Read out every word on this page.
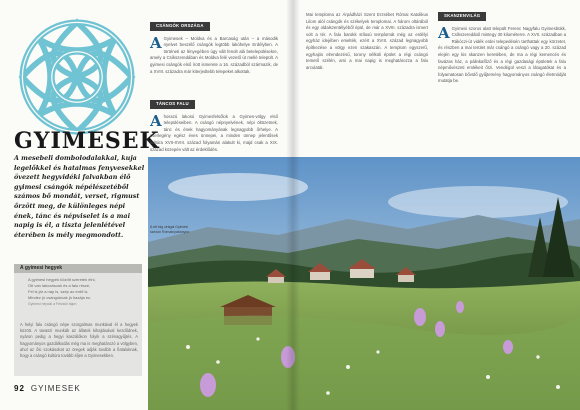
GYIMESEK
A mesebeli dombolodalakkal, kuja legelőkkel és hatalmas fenyvesekkel övezett hegyvidéki falvakban élő gyimesi csángók népélészetéből számos bő mondát, verset, rigmust őrzött meg, de különleges népi ének, tánc és népviselet is a mai napig is él, a tiszta jelenlétével éterében is mély megmondott.
CSÁNGÓK ORSZÁGA

A Gyimesek – Moldva és a Barcaság után – a második nyelvet beszélő csángók legtöbb lakóhelye Erdélyben. A történeti az lényegében úgy vált fenolt alá betelepülésekre, amely a Csíkszeredában és Moldva felé vezető út mellé települt. A gyimesi csángók első írott ismerete a 16. századból származik, de a XVIII. századra már kiterjedtebb telepeket alkottak.

TÁNCOS FALU

Ahosszú lakosú Gyimesfelsőlok a Gyimes-völgy első településeiben. A csángó népnyelvének, népi öltözetnek, tánc és ének hagyományának legnagyobb őrhelye. A cserlegény egész éves ünnepei, a minden ünnep jelentősek kultúra XVII-XVIII. század folyamán alakult ki, majd csak a XIX. század közepén vált az érdeklődés.

Mai temploma az Árpádházi Szent Erzsébet Római Katolikus Lilom alól csángók és székelyek templomai. A három oltárából és egy oldalszentélyéből épül, de már a XVIII. századra ismert volt a tér. A falu barokk stílusú templomát még az erdélyi egyház idejében emelték, ezért a XVIII. század legnagyobb építkezése a völgy ezen szakaszán. A templom egyszerű, egyhajós elrendezésű, torony nélküli épület a régi csángó temető szélén, ami a mai napig is meghatározza a falu arculatát.

SKANZENVILÁG

A Gyimesi szoros alatt települt Ferenc Nagyfalu Gyimesbükk, Csíkszeredától mintegy 30 kilométerre. A XVII. században a Rákóczi-út vidék erdei telepedésén tarthattak egy körzetet, és részben a mai terület már csángó a csángó vagy a 20. század elején egy kis skanzen keretében, de ma a régi kemencés és favázas ház, a pálinkafőző és a régi gazdasági épületek a falu népművészeti emlékeit őrzi. Vendégül veszi a látogatókat és a folyamatosan bővülő gyűjtemény hagyományos csángó életmódját mutatja be.

A rét tág virágai Gyimesi szezon Rómainyabanyon
A gyimesi hegyek
A gyimesi hegyek között szeretek élni,
Ott van lakozásunk és a falu része,
Fel is jár a nap is, szép az erdő is,
Mindez jó csángóknak jó hazája ez.
Gyimesi népdal a Felcsíki tájon
A helyi falu csángó népe szorgalmas munkával él a hegyek között. A tavaszi munkák az állatok kihajtásával kezdődnek, nyáron pedig a hegyi kaszálókon folyik a szénagyűjtés. A hagyományos gazdálkodás még ma is meghatározó a völgyben, ahol az ősi szokásokat az öregek adják tovább a fiataloknak, hogy a csángó kultúra tovább éljen a Gyimesekben.
92 GYIMESEK
